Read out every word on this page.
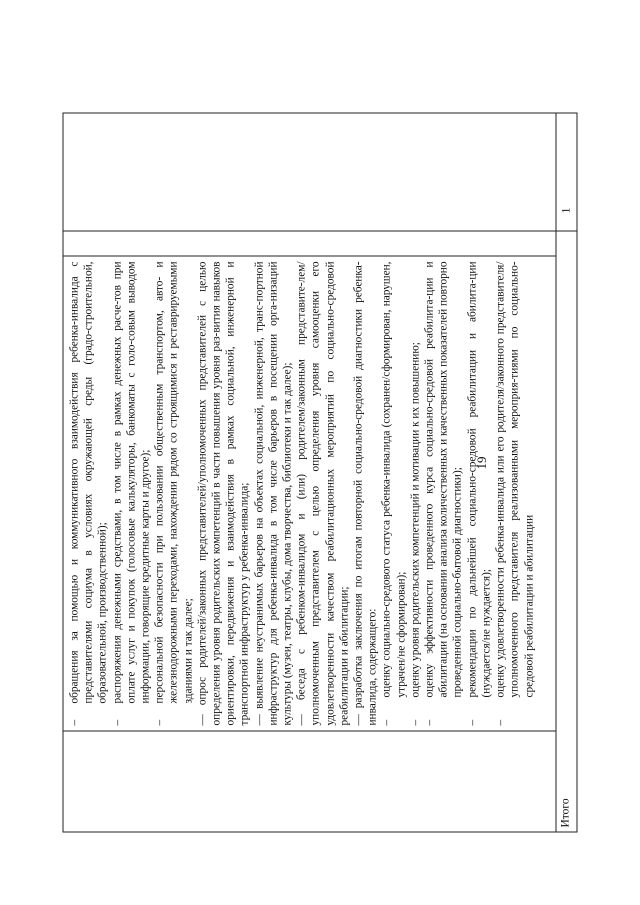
–
обращения за помощью и коммуникативного взаимодействия ребенка-инвалида с представителями социума в условиях окружающей среды (градо-строительной, образовательной, производственной);
–
распоряжения денежными средствами, в том числе в рамках денежных расче-тов при оплате услуг и покупок (голосовые калькуляторы, банкоматы с голо-совым выводом информации, говорящие кредитные карты и другое);
–
персональной безопасности при пользовании общественным транспортом, авто- и железнодорожными переходами, нахождении рядом со строящимися и реставрируемыми зданиями и так далее; — опрос родителей/законных представителей/уполномоченных представителей с целью определения уровня родительских компетенций в части повышения уровня раз-вития навыков ориентировки, передвижения и взаимодействия в рамках социальной, инженерной и транспортной инфраструктур у ребенка-инвалида; — выявление неустранимых барьеров на объектах социальной, инженерной, транс-портной инфраструктур для ребенка-инвалида в том числе барьеров в посещении орга-низаций культуры (музеи, театры, клубы, дома творчества, библиотеки и так далее); — беседа с ребенком-инвалидом и (или) родителем/законным представите-лем/уполномоченным представителем с целью определения уровня самооценки его удовлетворенности качеством реабилитационных мероприятий по социально-средовой реабилитации и абилитации; — разработка заключения по итогам повторной социально-средовой диагностики ребенка-инвалида, содержащего: –
оценку социально-средового статуса ребенка-инвалида (сохранен/сформирован, нарушен, утрачен/не сформирован);
–
оценку уровня родительских компетенций и мотивации к их повышению;
–
оценку эффективности проведенного курса социально-средовой реабилита-ции и абилитации (на основании анализа количественных и качественных показателей повторно проведенной социально-бытовой диагностики);
–
рекомендации по дальнейшей социально-средовой реабилитации и абилита-ции (нуждается/не нуждается);
–
оценку удовлетворенности ребенка-инвалида или его родителя/законного представителя/уполномоченного представителя реализованными мероприя-тиями по социально-средовой реабилитации и абилитации
Итого
1
19
